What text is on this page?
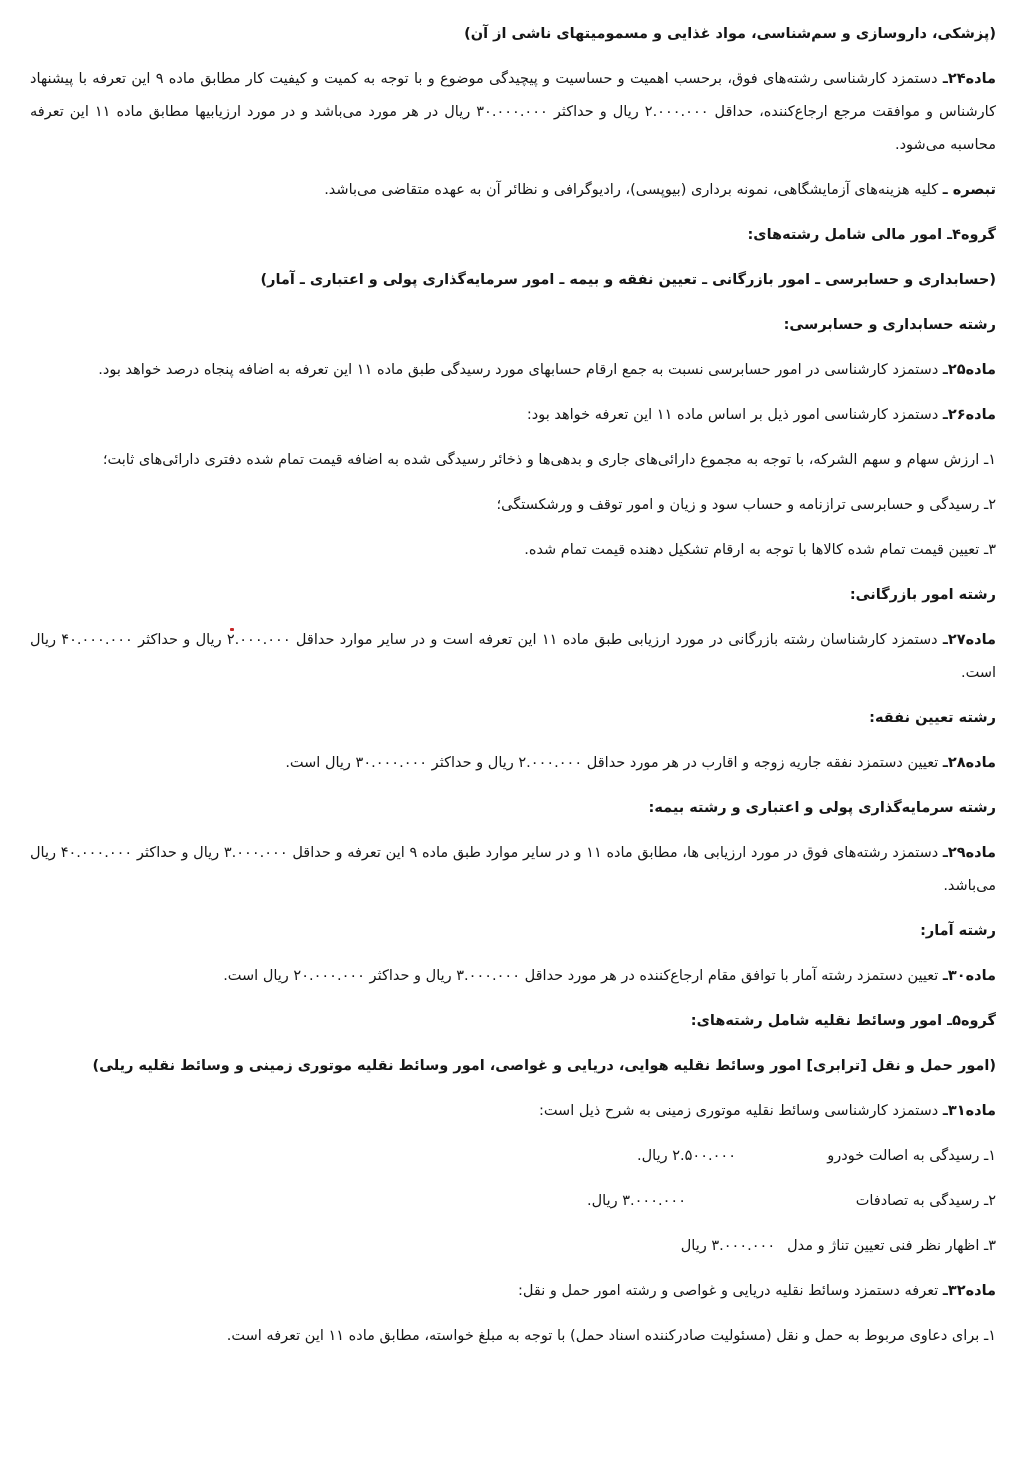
(پزشکی، داروسازی و سم‌شناسی، مواد غذایی و مسمومیتهای ناشی از آن)

ماده۲۴ـ دستمزد کارشناسی رشته‌های فوق، برحسب اهمیت و حساسیت و پیچیدگی موضوع و با توجه به کمیت و کیفیت کار مطابق ماده ۹ این تعرفه با پیشنهاد کارشناس و موافقت مرجع ارجاع‌کننده، حداقل ۲.۰۰۰.۰۰۰ ریال و حداکثر ۳۰.۰۰۰.۰۰۰ ریال در هر مورد می‌باشد و در مورد ارزیابیها مطابق ماده ۱۱ این تعرفه محاسبه می‌شود.

تبصره ـ کلیه هزینه‌های آزمایشگاهی، نمونه برداری (بیوپسی)، رادیوگرافی و نظائر آن به عهده متقاضی می‌باشد.

گروه۴ـ امور مالی شامل رشته‌های:

(حسابداری و حسابرسی ـ امور بازرگانی ـ تعیین نفقه و بیمه ـ امور سرمایه‌گذاری پولی و اعتباری ـ آمار)

رشته حسابداری و حسابرسی:

ماده۲۵ـ دستمزد کارشناسی در امور حسابرسی نسبت به جمع ارقام حسابهای مورد رسیدگی طبق ماده ۱۱ این تعرفه به اضافه پنجاه درصد خواهد بود.

ماده۲۶ـ دستمزد کارشناسی امور ذیل بر اساس ماده ۱۱ این تعرفه خواهد بود:

۱ـ ارزش سهام و سهم الشرکه، با توجه به مجموع دارائی‌های جاری و بدهی‌ها و ذخائر رسیدگی شده به اضافه قیمت تمام شده دفتری دارائی‌های ثابت؛

۲ـ رسیدگی و حسابرسی ترازنامه و حساب سود و زیان و امور توقف و ورشکستگی؛

۳ـ تعیین قیمت تمام شده کالاها با توجه به ارقام تشکیل دهنده قیمت تمام شده.

رشته امور بازرگانی:

ماده۲۷ـ دستمزد کارشناسان رشته بازرگانی در مورد ارزیابی طبق ماده ۱۱ این تعرفه است و در سایر موارد حداقل ۲.۰۰۰.۰۰۰ ریال و حداکثر ۴۰.۰۰۰.۰۰۰ ریال است.

رشته تعیین نفقه:

ماده۲۸ـ تعیین دستمزد نفقه جاریه زوجه و اقارب در هر مورد حداقل ۲.۰۰۰.۰۰۰ ریال و حداکثر ۳۰.۰۰۰.۰۰۰ ریال است.

رشته سرمایه‌گذاری پولی و اعتباری و رشته بیمه:

ماده۲۹ـ دستمزد رشته‌های فوق در مورد ارزیابی ها، مطابق ماده ۱۱ و در سایر موارد طبق ماده ۹ این تعرفه و حداقل ۳.۰۰۰.۰۰۰ ریال و حداکثر ۴۰.۰۰۰.۰۰۰ ریال می‌باشد.

رشته آمار:

ماده۳۰ـ تعیین دستمزد رشته آمار با توافق مقام ارجاع‌کننده در هر مورد حداقل ۳.۰۰۰.۰۰۰ ریال و حداکثر ۲۰.۰۰۰.۰۰۰ ریال است.

گروه۵ـ امور وسائط نقلیه شامل رشته‌های:

(امور حمل و نقل [ترابری] امور وسائط نقلیه هوایی، دریایی و غواصی، امور وسائط نقلیه موتوری زمینی و وسائط نقلیه ریلی)

ماده۳۱ـ دستمزد کارشناسی وسائط نقلیه موتوری زمینی به شرح ذیل است:

۱ـ رسیدگی به اصالت خودرو
۲.۵۰۰.۰۰۰ ریال.
۲ـ رسیدگی به تصادفات
۳.۰۰۰.۰۰۰ ریال.
۳ـ اظهار نظر فنی تعیین تناژ و مدل
۳.۰۰۰.۰۰۰ ریال

ماده۳۲ـ تعرفه دستمزد وسائط نقلیه دریایی و غواصی و رشته امور حمل و نقل:

۱ـ برای دعاوی مربوط به حمل و نقل (مسئولیت صادرکننده اسناد حمل) با توجه به مبلغ خواسته، مطابق ماده ۱۱ این تعرفه است.
